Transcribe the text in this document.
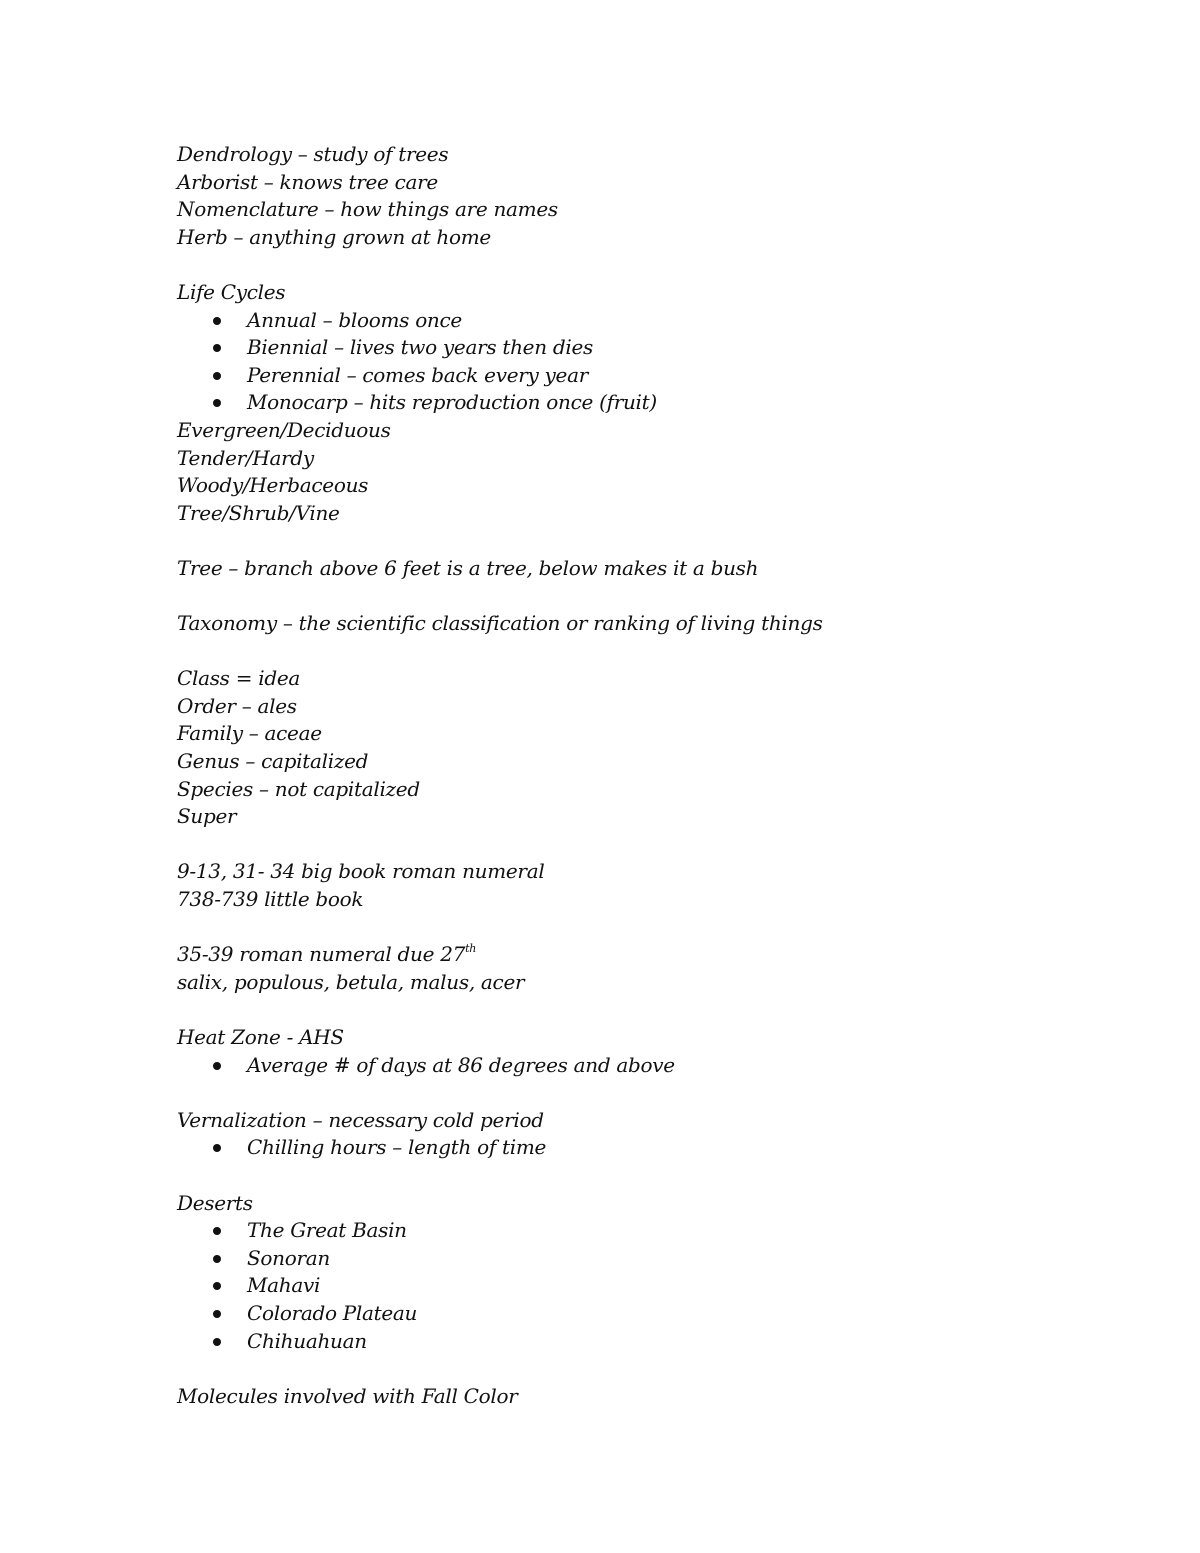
Dendrology – study of trees
Arborist – knows tree care
Nomenclature – how things are names
Herb – anything grown at home
Life Cycles
Annual – blooms once
Biennial – lives two years then dies
Perennial – comes back every year
Monocarp – hits reproduction once (fruit)
Evergreen/Deciduous
Tender/Hardy
Woody/Herbaceous
Tree/Shrub/Vine
Tree – branch above 6 feet is a tree, below makes it a bush
Taxonomy – the scientific classification or ranking of living things
Class = idea
Order – ales
Family – aceae
Genus – capitalized
Species – not capitalized
Super
9-13, 31- 34 big book roman numeral
738-739 little book
35-39 roman numeral due 27th
salix, populous, betula, malus, acer
Heat Zone - AHS
Average # of days at 86 degrees and above
Vernalization – necessary cold period
Chilling hours – length of time
Deserts
The Great Basin
Sonoran
Mahavi
Colorado Plateau
Chihuahuan
Molecules involved with Fall Color
